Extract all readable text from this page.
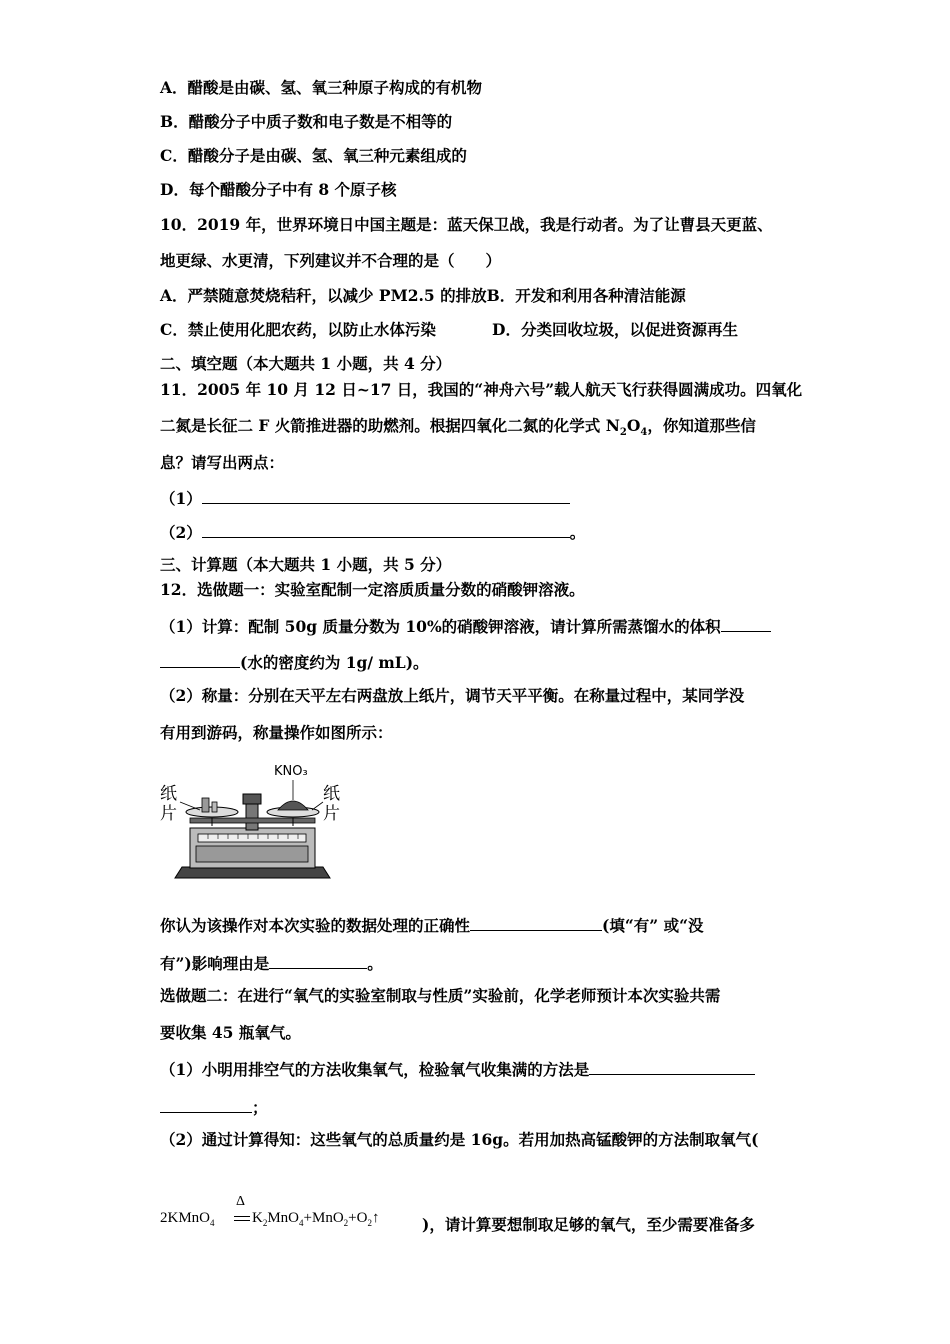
A．醋酸是由碳、氢、氧三种原子构成的有机物
B．醋酸分子中质子数和电子数是不相等的
C．醋酸分子是由碳、氢、氧三种元素组成的
D．每个醋酸分子中有 8 个原子核
10．2019 年，世界环境日中国主题是：蓝天保卫战，我是行动者。为了让曹县天更蓝、
地更绿、水更清，下列建议并不合理的是（　　）
A．严禁随意焚烧秸秆，以减少 PM2.5 的排放B．开发和利用各种清洁能源
C．禁止使用化肥农药，以防止水体污染	D．分类回收垃圾，以促进资源再生
二、填空题（本大题共 1 小题，共 4 分）
11．2005 年 10 月 12 日~17 日，我国的“神舟六号”载人航天飞行获得圆满成功。四氧化
二氮是长征二 F 火箭推进器的助燃剂。根据四氧化二氮的化学式 $N_2O_4$，你知道那些信
息？请写出两点：
（1）
（2）	。
三、计算题（本大题共 1 小题，共 5 分）
12．选做题一：实验室配制一定溶质质量分数的硝酸钾溶液。
（1）计算：配制 50g 质量分数为 10%的硝酸钾溶液，请计算所需蒸馏水的体积
(水的密度约为 1g/ mL)。
（2）称量：分别在天平左右两盘放上纸片，调节天平平衡。在称量过程中，某同学没
有用到游码，称量操作如图所示：
纸
片
纸
片
KNO₃
你认为该操作对本次实验的数据处理的正确性	(填“有” 或“没
有”)影响理由是	。
选做题二：在进行“氧气的实验室制取与性质”实验前，化学老师预计本次实验共需
要收集 45 瓶氧气。
（1）小明用排空气的方法收集氧气，检验氧气收集满的方法是
；
（2）通过计算得知：这些氧气的总质量约是 16g。若用加热高锰酸钾的方法制取氧气(
2KMnO$_4$
Δ
$K_2MnO_4+MnO_2+O_2↑$	)，请计算要想制取足够的氧气，至少需要准备多
